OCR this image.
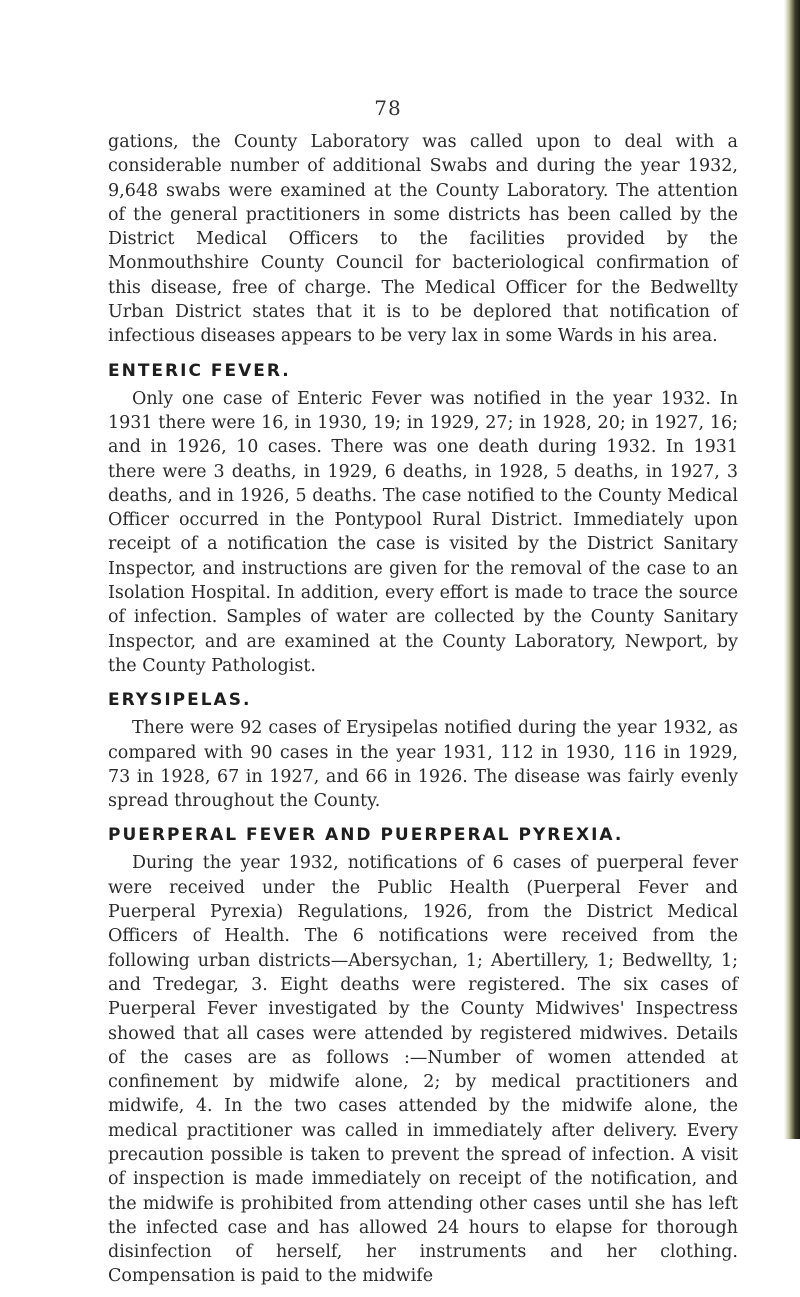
78

gations, the County Laboratory was called upon to deal with a considerable number of additional Swabs and during the year 1932, 9,648 swabs were examined at the County Laboratory. The attention of the general practitioners in some districts has been called by the District Medical Officers to the facilities provided by the Monmouthshire County Council for bacteriological confirmation of this disease, free of charge. The Medical Officer for the Bedwellty Urban District states that it is to be deplored that notification of infectious diseases appears to be very lax in some Wards in his area.

ENTERIC FEVER.

Only one case of Enteric Fever was notified in the year 1932. In 1931 there were 16, in 1930, 19; in 1929, 27; in 1928, 20; in 1927, 16; and in 1926, 10 cases. There was one death during 1932. In 1931 there were 3 deaths, in 1929, 6 deaths, in 1928, 5 deaths, in 1927, 3 deaths, and in 1926, 5 deaths. The case notified to the County Medical Officer occurred in the Pontypool Rural District. Immediately upon receipt of a notification the case is visited by the District Sanitary Inspector, and instructions are given for the removal of the case to an Isolation Hospital. In addition, every effort is made to trace the source of infection. Samples of water are collected by the County Sanitary Inspector, and are examined at the County Laboratory, Newport, by the County Pathologist.

ERYSIPELAS.

There were 92 cases of Erysipelas notified during the year 1932, as compared with 90 cases in the year 1931, 112 in 1930, 116 in 1929, 73 in 1928, 67 in 1927, and 66 in 1926. The disease was fairly evenly spread throughout the County.

PUERPERAL FEVER AND PUERPERAL PYREXIA.

During the year 1932, notifications of 6 cases of puerperal fever were received under the Public Health (Puerperal Fever and Puerperal Pyrexia) Regulations, 1926, from the District Medical Officers of Health. The 6 notifications were received from the following urban districts—Abersychan, 1; Abertillery, 1; Bedwellty, 1; and Tredegar, 3. Eight deaths were registered. The six cases of Puerperal Fever investigated by the County Midwives' Inspectress showed that all cases were attended by registered midwives. Details of the cases are as follows :—Number of women attended at confinement by midwife alone, 2; by medical practitioners and midwife, 4. In the two cases attended by the midwife alone, the medical practitioner was called in immediately after delivery. Every precaution possible is taken to prevent the spread of infection. A visit of inspection is made immediately on receipt of the notification, and the midwife is prohibited from attending other cases until she has left the infected case and has allowed 24 hours to elapse for thorough disinfection of herself, her instruments and her clothing. Compensation is paid to the midwife
